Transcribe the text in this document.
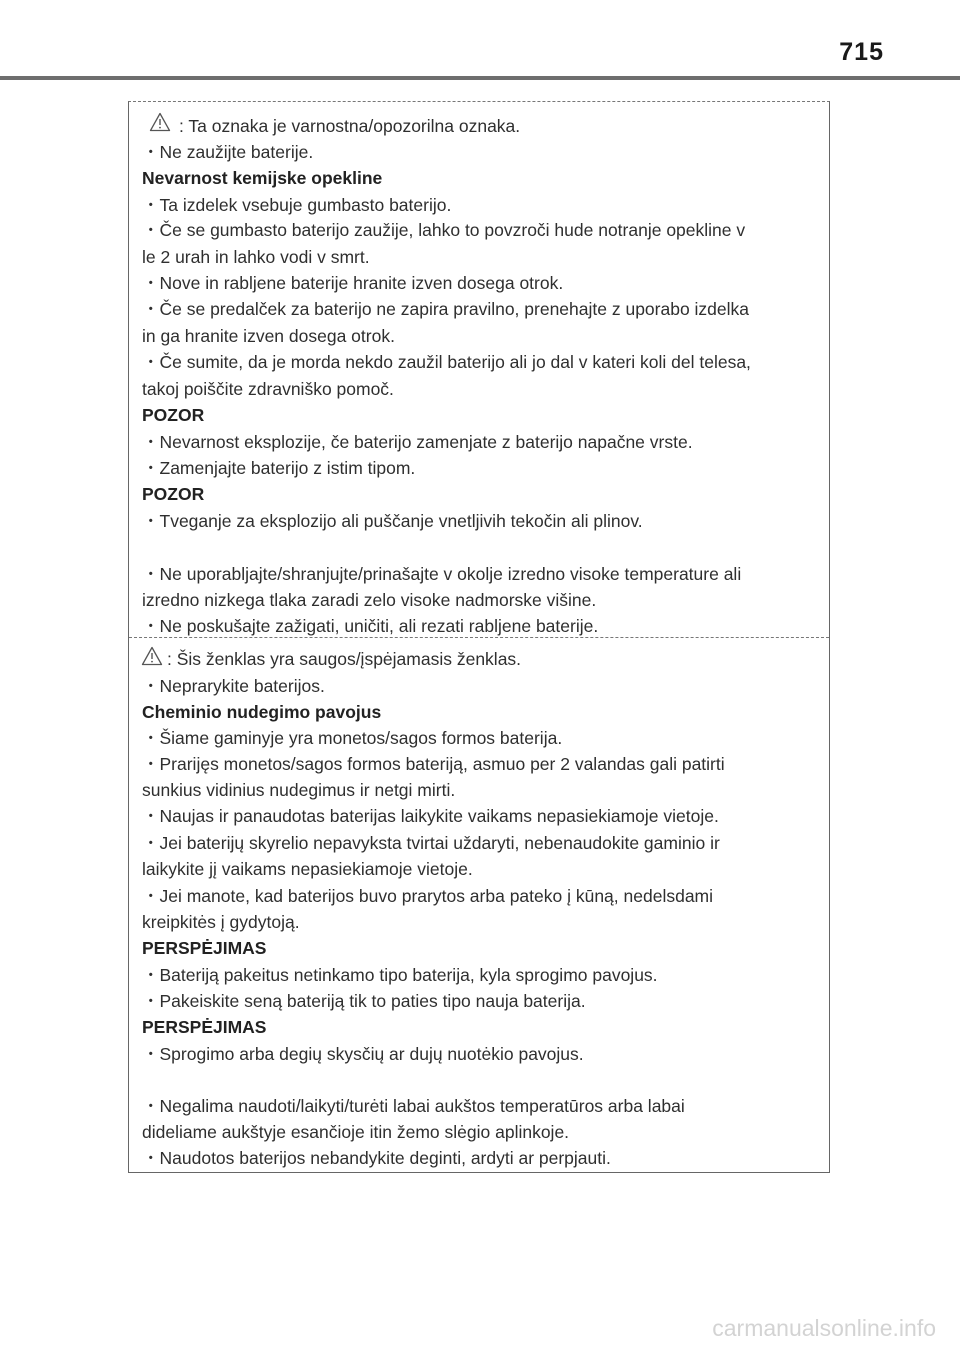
715
: Ta oznaka je varnostna/opozorilna oznaka.
・Ne zaužijte baterije.
Nevarnost kemijske opekline
・Ta izdelek vsebuje gumbasto baterijo.
・Če se gumbasto baterijo zaužije, lahko to povzroči hude notranje opekline v
le 2 urah in lahko vodi v smrt.
・Nove in rabljene baterije hranite izven dosega otrok.
・Če se predalček za baterijo ne zapira pravilno, prenehajte z uporabo izdelka
in ga hranite izven dosega otrok.
・Če sumite, da je morda nekdo zaužil baterijo ali jo dal v kateri koli del telesa,
takoj poiščite zdravniško pomoč.
POZOR
・Nevarnost eksplozije, če baterijo zamenjate z baterijo napačne vrste.
・Zamenjajte baterijo z istim tipom.
POZOR
・Tveganje za eksplozijo ali puščanje vnetljivih tekočin ali plinov.
・Ne uporabljajte/shranjujte/prinašajte v okolje izredno visoke temperature ali
izredno nizkega tlaka zaradi zelo visoke nadmorske višine.
・Ne poskušajte zažigati, uničiti, ali rezati rabljene baterije.
: Šis ženklas yra saugos/įspėjamasis ženklas.
・Neprarykite baterijos.
Cheminio nudegimo pavojus
・Šiame gaminyje yra monetos/sagos formos baterija.
・Prarijęs monetos/sagos formos bateriją, asmuo per 2 valandas gali patirti
sunkius vidinius nudegimus ir netgi mirti.
・Naujas ir panaudotas baterijas laikykite vaikams nepasiekiamoje vietoje.
・Jei baterijų skyrelio nepavyksta tvirtai uždaryti, nebenaudokite gaminio ir
laikykite jį vaikams nepasiekiamoje vietoje.
・Jei manote, kad baterijos buvo prarytos arba pateko į kūną, nedelsdami
kreipkitės į gydytoją.
PERSPĖJIMAS
・Bateriją pakeitus netinkamo tipo baterija, kyla sprogimo pavojus.
・Pakeiskite seną bateriją tik to paties tipo nauja baterija.
PERSPĖJIMAS
・Sprogimo arba degių skysčių ar dujų nuotėkio pavojus.
・Negalima naudoti/laikyti/turėti labai aukštos temperatūros arba labai
dideliame aukštyje esančioje itin žemo slėgio aplinkoje.
・Naudotos baterijos nebandykite deginti, ardyti ar perpjauti.
carmanualsonline.info
